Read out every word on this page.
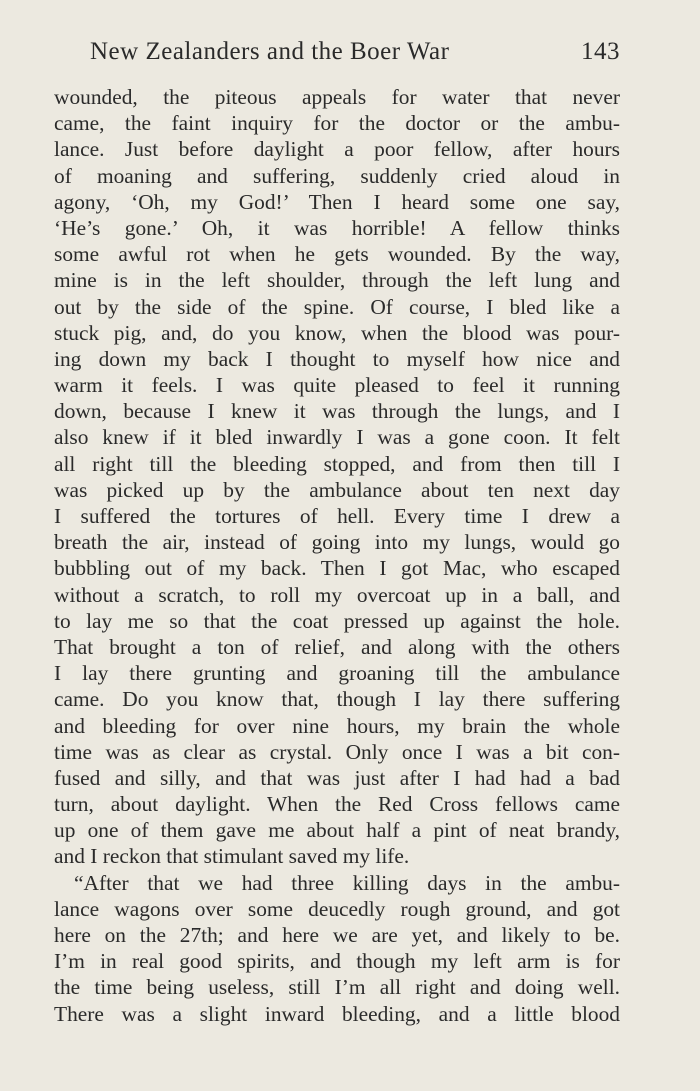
New Zealanders and the Boer War	143
wounded, the piteous appeals for water that never
came, the faint inquiry for the doctor or the ambu-
lance. Just before daylight a poor fellow, after hours
of moaning and suffering, suddenly cried aloud in
agony, ‘Oh, my God!’ Then I heard some one say,
‘He’s gone.’ Oh, it was horrible! A fellow thinks
some awful rot when he gets wounded. By the way,
mine is in the left shoulder, through the left lung and
out by the side of the spine. Of course, I bled like a
stuck pig, and, do you know, when the blood was pour-
ing down my back I thought to myself how nice and
warm it feels. I was quite pleased to feel it running
down, because I knew it was through the lungs, and I
also knew if it bled inwardly I was a gone coon. It felt
all right till the bleeding stopped, and from then till I
was picked up by the ambulance about ten next day
I suffered the tortures of hell. Every time I drew a
breath the air, instead of going into my lungs, would go
bubbling out of my back. Then I got Mac, who escaped
without a scratch, to roll my overcoat up in a ball, and
to lay me so that the coat pressed up against the hole.
That brought a ton of relief, and along with the others
I lay there grunting and groaning till the ambulance
came. Do you know that, though I lay there suffering
and bleeding for over nine hours, my brain the whole
time was as clear as crystal. Only once I was a bit con-
fused and silly, and that was just after I had had a bad
turn, about daylight. When the Red Cross fellows came
up one of them gave me about half a pint of neat brandy,
and I reckon that stimulant saved my life.
“After that we had three killing days in the ambu-
lance wagons over some deucedly rough ground, and got
here on the 27th; and here we are yet, and likely to be.
I’m in real good spirits, and though my left arm is for
the time being useless, still I’m all right and doing well.
There was a slight inward bleeding, and a little blood
